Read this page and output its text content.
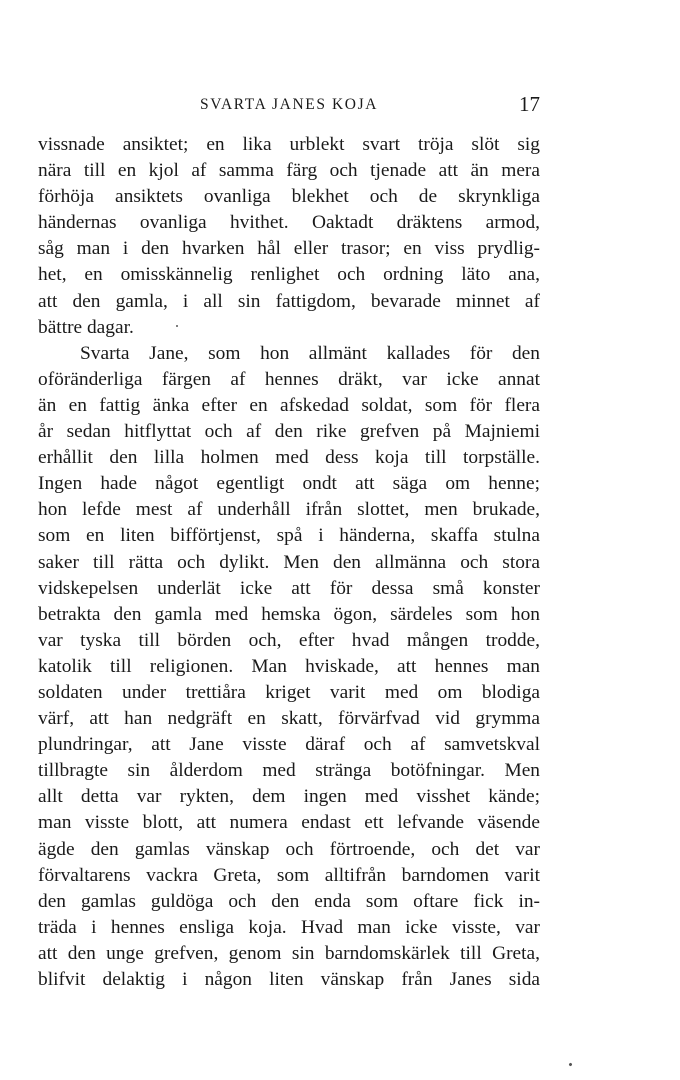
SVARTA JANES KOJA	17
vissnade ansiktet; en lika urblekt svart tröja slöt sig
nära till en kjol af samma färg och tjenade att än mera
förhöja ansiktets ovanliga blekhet och de skrynkliga
händernas ovanliga hvithet. Oaktadt dräktens armod,
såg man i den hvarken hål eller trasor; en viss prydlig-
het, en omisskännelig renlighet och ordning läto ana,
att den gamla, i all sin fattigdom, bevarade minnet af
bättre dagar.
Svarta Jane, som hon allmänt kallades för den
oföränderliga färgen af hennes dräkt, var icke annat
än en fattig änka efter en afskedad soldat, som för flera
år sedan hitflyttat och af den rike grefven på Majniemi
erhållit den lilla holmen med dess koja till torpställe.
Ingen hade något egentligt ondt att säga om henne;
hon lefde mest af underhåll ifrån slottet, men brukade,
som en liten bifförtjenst, spå i händerna, skaffa stulna
saker till rätta och dylikt. Men den allmänna och stora
vidskepelsen underlät icke att för dessa små konster
betrakta den gamla med hemska ögon, särdeles som hon
var tyska till börden och, efter hvad mången trodde,
katolik till religionen. Man hviskade, att hennes man
soldaten under trettiåra kriget varit med om blodiga
värf, att han nedgräft en skatt, förvärfvad vid grymma
plundringar, att Jane visste däraf och af samvetskval
tillbragte sin ålderdom med stränga botöfningar. Men
allt detta var rykten, dem ingen med visshet kände;
man visste blott, att numera endast ett lefvande väsende
ägde den gamlas vänskap och förtroende, och det var
förvaltarens vackra Greta, som alltifrån barndomen varit
den gamlas guldöga och den enda som oftare fick in-
träda i hennes ensliga koja. Hvad man icke visste, var
att den unge grefven, genom sin barndomskärlek till Greta,
blifvit delaktig i någon liten vänskap från Janes sida
